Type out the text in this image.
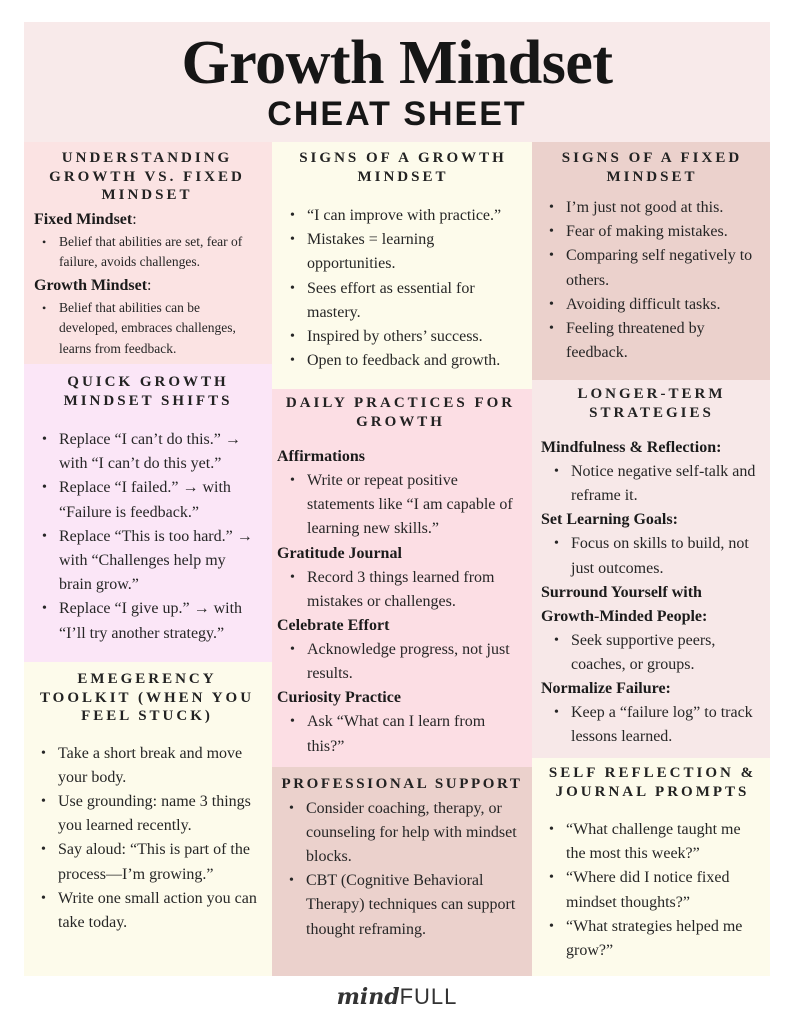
Growth Mindset
CHEAT SHEET
UNDERSTANDING GROWTH VS. FIXED MINDSET
Fixed Mindset:
• Belief that abilities are set, fear of failure, avoids challenges.
Growth Mindset:
• Belief that abilities can be developed, embraces challenges, learns from feedback.
SIGNS OF A GROWTH MINDSET
• “I can improve with practice.”
• Mistakes = learning opportunities.
• Sees effort as essential for mastery.
• Inspired by others’ success.
• Open to feedback and growth.
SIGNS OF A FIXED MINDSET
• I’m just not good at this.
• Fear of making mistakes.
• Comparing self negatively to others.
• Avoiding difficult tasks.
• Feeling threatened by feedback.
QUICK GROWTH MINDSET SHIFTS
• Replace “I can’t do this.” → with “I can’t do this yet.”
• Replace “I failed.” → with “Failure is feedback.”
• Replace “This is too hard.” → with “Challenges help my brain grow.”
• Replace “I give up.” → with “I’ll try another strategy.”
DAILY PRACTICES FOR GROWTH
Affirmations
• Write or repeat positive statements like “I am capable of learning new skills.”
Gratitude Journal
• Record 3 things learned from mistakes or challenges.
Celebrate Effort
• Acknowledge progress, not just results.
Curiosity Practice
• Ask “What can I learn from this?”
LONGER-TERM STRATEGIES
Mindfulness & Reflection:
• Notice negative self-talk and reframe it.
Set Learning Goals:
• Focus on skills to build, not just outcomes.
Surround Yourself with Growth-Minded People:
• Seek supportive peers, coaches, or groups.
Normalize Failure:
• Keep a “failure log” to track lessons learned.
EMEGERENCY TOOLKIT (WHEN YOU FEEL STUCK)
• Take a short break and move your body.
• Use grounding: name 3 things you learned recently.
• Say aloud: “This is part of the process—I’m growing.”
• Write one small action you can take today.
PROFESSIONAL SUPPORT
• Consider coaching, therapy, or counseling for help with mindset blocks.
• CBT (Cognitive Behavioral Therapy) techniques can support thought reframing.
SELF REFLECTION & JOURNAL PROMPTS
• “What challenge taught me the most this week?”
• “Where did I notice fixed mindset thoughts?”
• “What strategies helped me grow?”
mindFULL
